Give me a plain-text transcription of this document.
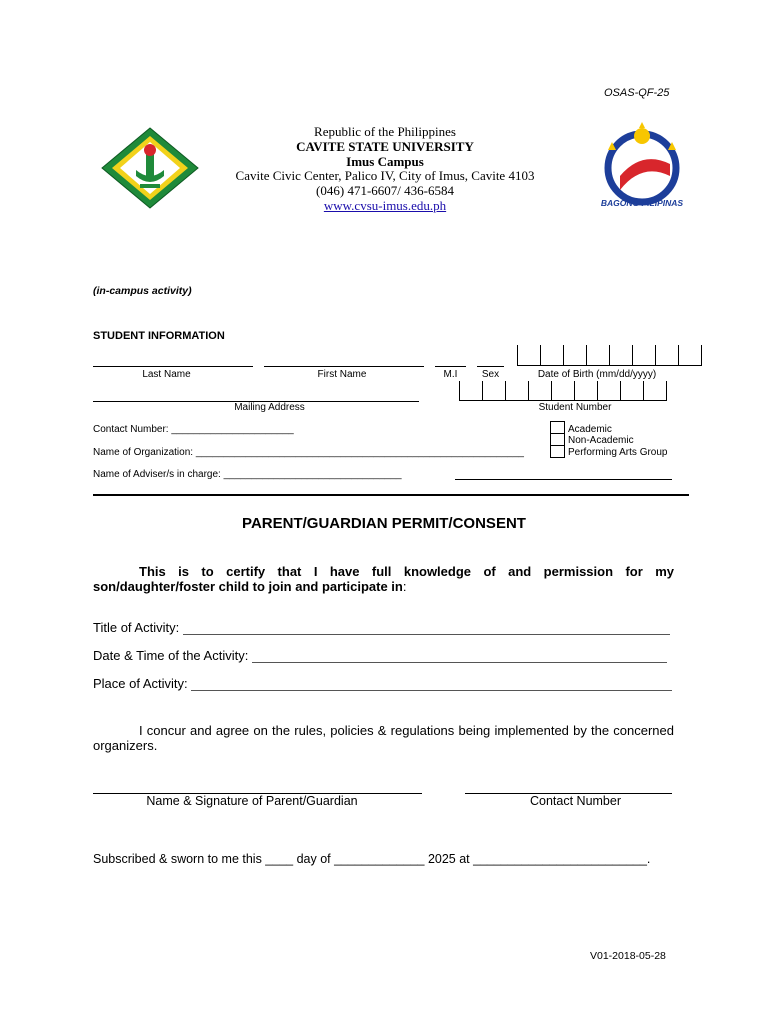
OSAS-QF-25
Republic of the Philippines
CAVITE STATE UNIVERSITY
Imus Campus
Cavite Civic Center, Palico IV, City of Imus, Cavite 4103
(046) 471-6607/ 436-6584
www.cvsu-imus.edu.ph	BAGONG PILIPINAS
(in-campus activity)
STUDENT INFORMATION
Last Name	First Name	M.I	Sex	Date of Birth (mm/dd/yyyy)
Mailing Address	Student Number
Contact Number: ______________________
Name of Organization: ___________________________________________________________
Name of Adviser/s in charge: ________________________________
Academic
Non-Academic
Performing Arts Group
PARENT/GUARDIAN PERMIT/CONSENT
This is to certify that I have full knowledge of and permission for my son/daughter/foster child to join and participate in:
Title of Activity:
Date & Time of the Activity:
Place of Activity:
I concur and agree on the rules, policies & regulations being implemented by the concerned organizers.
Name & Signature of Parent/Guardian	Contact Number
Subscribed & sworn to me this ____ day of _____________ 2025 at _________________________.
V01-2018-05-28
